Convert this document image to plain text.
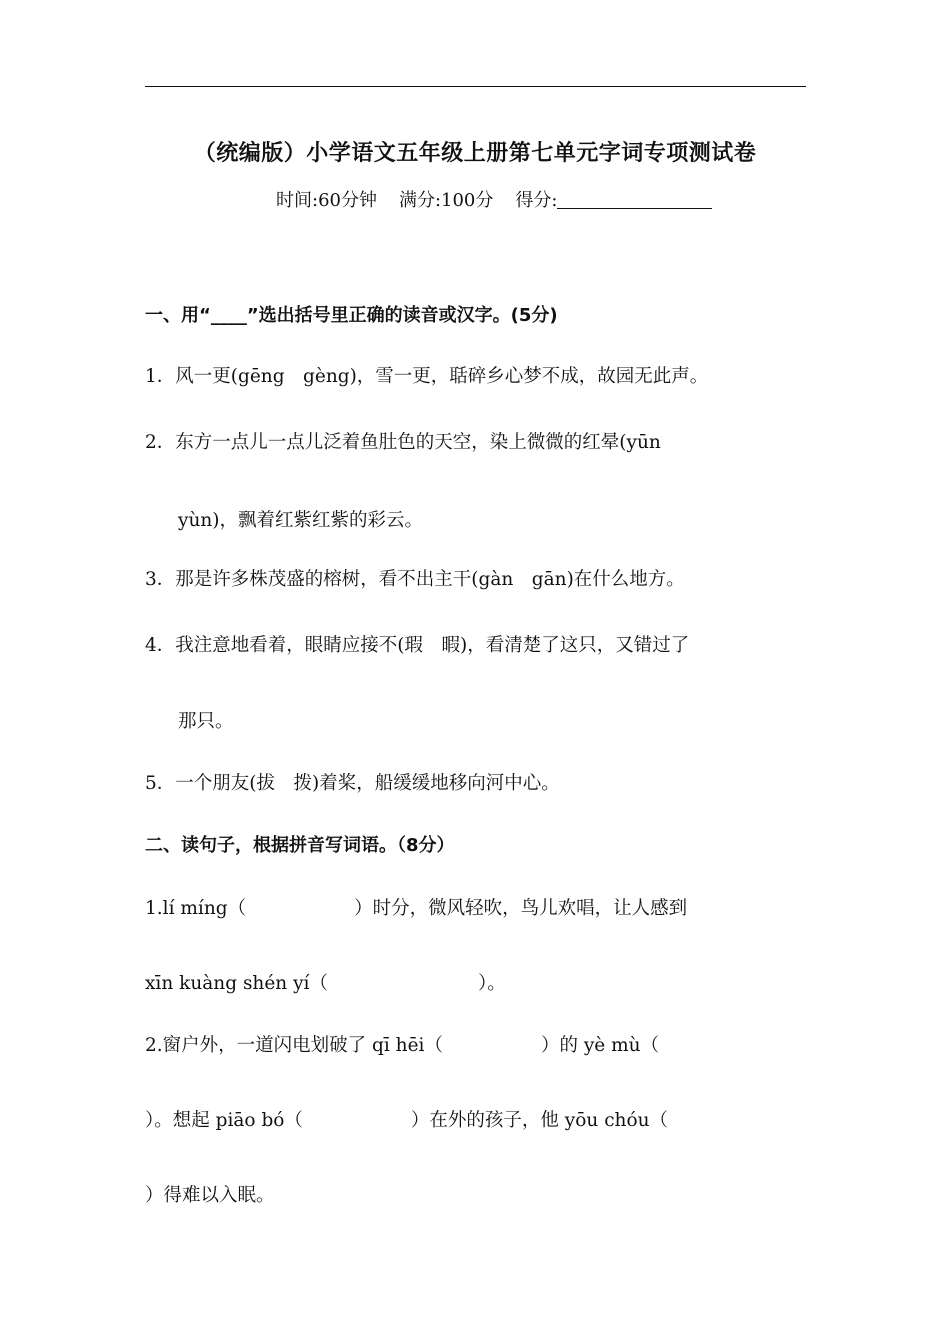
（统编版）小学语文五年级上册第七单元字词专项测试卷
时间:60分钟 满分:100分 得分:
一、用“____”选出括号里正确的读音或汉字。(5分)
1．风一更(gēng　gèng)，雪一更，聒碎乡心梦不成，故园无此声。
2．东方一点儿一点儿泛着鱼肚色的天空，染上微微的红晕(yūn
yùn)，飘着红紫红紫的彩云。
3．那是许多株茂盛的榕树，看不出主干(gàn　gān)在什么地方。
4．我注意地看着，眼睛应接不(瑕　暇)，看清楚了这只，又错过了
那只。
5．一个朋友(拔　拨)着桨，船缓缓地移向河中心。
二、读句子，根据拼音写词语。（8分）
1.lí míng（	）时分，微风轻吹，鸟儿欢唱，让人感到
xīn kuàng shén yí（	）。
2.窗户外，一道闪电划破了 qī hēi（	）的 yè mù（
）。想起 piāo bó（	）在外的孩子，他 yōu chóu（
）得难以入眠。
